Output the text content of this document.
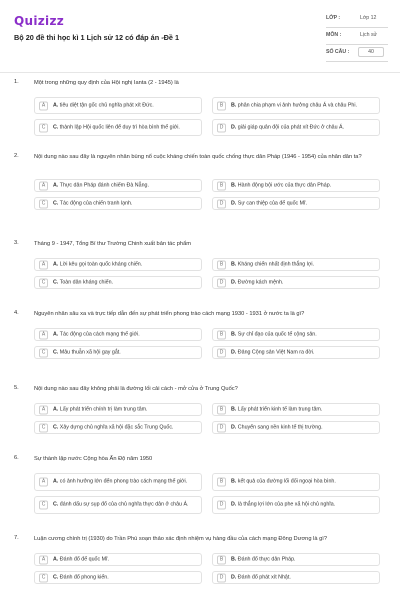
Quizizz
Bộ 20 đề thi học kì 1 Lịch sử 12 có đáp án -Đề 1
LỚP :	Lớp 12
MÔN :	Lịch sử
SỐ CÂU :	40
1.	Một trong những quy định của Hội nghị Ianta (2 - 1945) là
A	A. tiêu diệt tận gốc chủ nghĩa phát xít Đức.	B	B. phân chia phạm vi ảnh hưởng châu Á và châu Phi.
C	C. thành lập Hội quốc liên để duy trì hòa bình thế giới.	D	D. giải giáp quân đội của phát xít Đức ở châu Á.
2.	Nội dung nào sau đây là nguyên nhân bùng nổ cuộc kháng chiến toàn quốc chống thực dân Pháp (1946 - 1954) của nhân dân ta?
A	A. Thực dân Pháp đánh chiếm Đà Nẵng.	B	B. Hành động bội ước của thực dân Pháp.
C	C. Tác động của chiến tranh lạnh.	D	D. Sự can thiệp của đế quốc Mĩ.
3.	Tháng 9 - 1947, Tổng Bí thư Trường Chinh xuất bản tác phẩm
A	A. Lời kêu gọi toàn quốc kháng chiến.	B	B. Kháng chiến nhất định thắng lợi.
C	C. Toàn dân kháng chiến.	D	D. Đường kách mệnh.
4.	Nguyên nhân sâu xa và trực tiếp dẫn đến sự phát triển phong trào cách mạng 1930 - 1931 ở nước ta là gì?
A	A. Tác động của cách mạng thế giới.	B	B. Sự chỉ đạo của quốc tế cộng sản.
C	C. Mâu thuẫn xã hội gay gắt.	D	D. Đảng Cộng sản Việt Nam ra đời.
5.	Nội dung nào sau đây không phải là đường lối cải cách - mở cửa ở Trung Quốc?
A	A. Lấy phát triển chính trị làm trung tâm.	B	B. Lấy phát triển kinh tế làm trung tâm.
C	C. Xây dựng chủ nghĩa xã hội đặc sắc Trung Quốc.	D	D. Chuyển sang nền kinh tế thị trường.
6.	Sự thành lập nước Cộng hòa Ấn Độ năm 1950
A	A. có ảnh hưởng lớn đến phong trào cách mạng thế giới.	B	B. kết quả của đường lối đối ngoại hòa bình.
C	C. đánh dấu sự sụp đổ của chủ nghĩa thực dân ở châu Á.	D	D. là thắng lợi lớn của phe xã hội chủ nghĩa.
7.	Luận cương chính trị (1930) do Trần Phú soạn thảo xác định nhiệm vụ hàng đầu của cách mạng Đông Dương là gì?
A	A. Đánh đổ đế quốc Mĩ.	B	B. Đánh đổ thực dân Pháp.
C	C. Đánh đổ phong kiến.	D	D. Đánh đổ phát xít Nhật.
